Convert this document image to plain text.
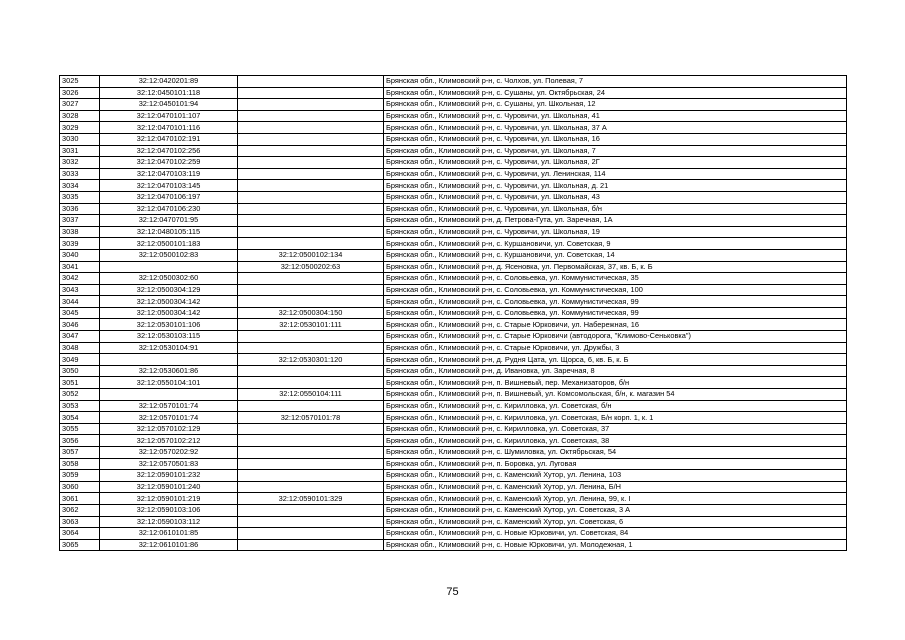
3025	32:12:0420201:89		Брянская обл., Климовский р-н, с. Чолхов, ул. Полевая, 7
3026	32:12:0450101:118		Брянская обл., Климовский р-н, с. Сушаны, ул. Октябрьская, 24
3027	32:12:0450101:94		Брянская обл., Климовский р-н, с. Сушаны, ул. Школьная, 12
3028	32:12:0470101:107		Брянская обл., Климовский р-н, с. Чуровичи, ул. Школьная, 41
3029	32:12:0470101:116		Брянская обл., Климовский р-н, с. Чуровичи, ул. Школьная, 37 А
3030	32:12:0470102:191		Брянская обл., Климовский р-н, с. Чуровичи, ул. Школьная, 16
3031	32:12:0470102:256		Брянская обл., Климовский р-н, с. Чуровичи, ул. Школьная, 7
3032	32:12:0470102:259		Брянская обл., Климовский р-н, с. Чуровичи, ул. Школьная, 2Г
3033	32:12:0470103:119		Брянская обл., Климовский р-н, с. Чуровичи, ул. Ленинская, 114
3034	32:12:0470103:145		Брянская обл., Климовский р-н, с. Чуровичи, ул. Школьная, д. 21
3035	32:12:0470106:197		Брянская обл., Климовский р-н, с. Чуровичи, ул. Школьная, 43
3036	32:12:0470106:230		Брянская обл., Климовский р-н, с. Чуровичи, ул. Школьная, б/н
3037	32:12:0470701:95		Брянская обл., Климовский р-н, д. Петрова-Гута, ул. Заречная, 1А
3038	32:12:0480105:115		Брянская обл., Климовский р-н, с. Чуровичи, ул. Школьная, 19
3039	32:12:0500101:183		Брянская обл., Климовский р-н, с. Куршановичи, ул. Советская, 9
3040	32:12:0500102:83	32:12:0500102:134	Брянская обл., Климовский р-н, с. Куршановичи, ул. Советская, 14
3041		32:12:0500202:63	Брянская обл., Климовский р-н, д. Ясеновка, ул. Первомайская, 37, кв. Б, к. Б
3042	32:12:0500302:60		Брянская обл., Климовский р-н, с. Соловьевка, ул. Коммунистическая, 35
3043	32:12:0500304:129		Брянская обл., Климовский р-н, с. Соловьевка, ул. Коммунистическая, 100
3044	32:12:0500304:142		Брянская обл., Климовский р-н, с. Соловьевка, ул. Коммунистическая, 99
3045	32:12:0500304:142	32:12:0500304:150	Брянская обл., Климовский р-н, с. Соловьевка, ул. Коммунистическая, 99
3046	32:12:0530101:106	32:12:0530101:111	Брянская обл., Климовский р-н, с. Старые Юрковичи, ул. Набережная, 16
3047	32:12:0530103:115		Брянская обл., Климовский р-н, с. Старые Юрковичи (автодорога, "Климово-Сеньковка")
3048	32:12:0530104:91		Брянская обл., Климовский р-н, с. Старые Юрковичи, ул. Дружбы, 3
3049		32:12:0530301:120	Брянская обл., Климовский р-н, д. Рудня Цата, ул. Щорса, 6, кв. Б, к. Б
3050	32:12:0530601:86		Брянская обл., Климовский р-н, д. Ивановка, ул. Заречная, 8
3051	32:12:0550104:101		Брянская обл., Климовский р-н, п. Вишневый, пер. Механизаторов, б/н
3052		32:12:0550104:111	Брянская обл., Климовский р-н, п. Вишневый, ул. Комсомольская, б/н, к. магазин 54
3053	32:12:0570101:74		Брянская обл., Климовский р-н, с. Кирилловка, ул. Советская, б/н
3054	32:12:0570101:74	32:12:0570101:78	Брянская обл., Климовский р-н, с. Кирилловка, ул. Советская, Б/н корп. 1, к. 1
3055	32:12:0570102:129		Брянская обл., Климовский р-н, с. Кирилловка, ул. Советская, 37
3056	32:12:0570102:212		Брянская обл., Климовский р-н, с. Кирилловка, ул. Советская, 38
3057	32:12:0570202:92		Брянская обл., Климовский р-н, с. Шумиловка, ул. Октябрьская, 54
3058	32:12:0570501:83		Брянская обл., Климовский р-н, п. Боровка, ул. Луговая
3059	32:12:0590101:232		Брянская обл., Климовский р-н, с. Каменский Хутор, ул. Ленина, 103
3060	32:12:0590101:240		Брянская обл., Климовский р-н, с. Каменский Хутор, ул. Ленина, Б/Н
3061	32:12:0590101:219	32:12:0590101:329	Брянская обл., Климовский р-н, с. Каменский Хутор, ул. Ленина, 99, к. I
3062	32:12:0590103:106		Брянская обл., Климовский р-н, с. Каменский Хутор, ул. Советская, 3 А
3063	32:12:0590103:112		Брянская обл., Климовский р-н, с. Каменский Хутор, ул. Советская, 6
3064	32:12:0610101:85		Брянская обл., Климовский р-н, с. Новые Юрковичи, ул. Советская, 84
3065	32:12:0610101:86		Брянская обл., Климовский р-н, с. Новые Юрковичи, ул. Молодежная, 1
75
